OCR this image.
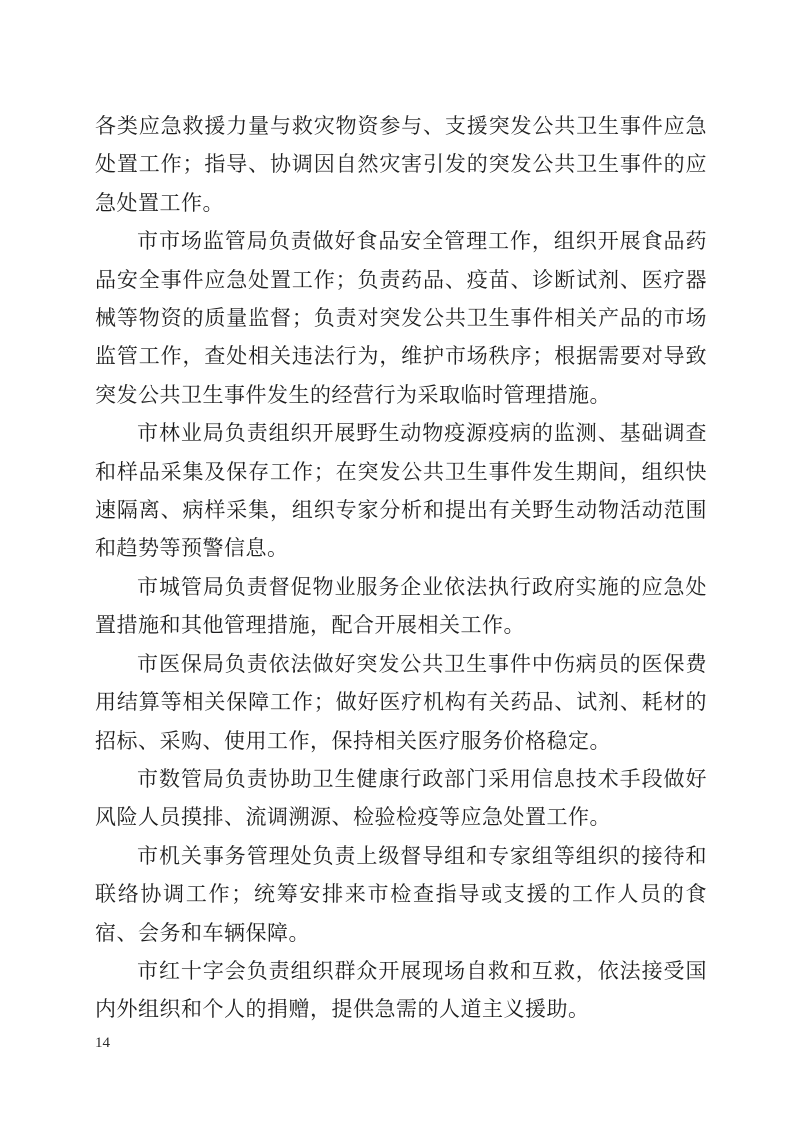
各类应急救援力量与救灾物资参与、支援突发公共卫生事件应急处置工作；指导、协调因自然灾害引发的突发公共卫生事件的应急处置工作。

市市场监管局负责做好食品安全管理工作，组织开展食品药品安全事件应急处置工作；负责药品、疫苗、诊断试剂、医疗器械等物资的质量监督；负责对突发公共卫生事件相关产品的市场监管工作，查处相关违法行为，维护市场秩序；根据需要对导致突发公共卫生事件发生的经营行为采取临时管理措施。

市林业局负责组织开展野生动物疫源疫病的监测、基础调查和样品采集及保存工作；在突发公共卫生事件发生期间，组织快速隔离、病样采集，组织专家分析和提出有关野生动物活动范围和趋势等预警信息。

市城管局负责督促物业服务企业依法执行政府实施的应急处置措施和其他管理措施，配合开展相关工作。

市医保局负责依法做好突发公共卫生事件中伤病员的医保费用结算等相关保障工作；做好医疗机构有关药品、试剂、耗材的招标、采购、使用工作，保持相关医疗服务价格稳定。

市数管局负责协助卫生健康行政部门采用信息技术手段做好风险人员摸排、流调溯源、检验检疫等应急处置工作。

市机关事务管理处负责上级督导组和专家组等组织的接待和联络协调工作；统筹安排来市检查指导或支援的工作人员的食宿、会务和车辆保障。

市红十字会负责组织群众开展现场自救和互救，依法接受国内外组织和个人的捐赠，提供急需的人道主义援助。

14
